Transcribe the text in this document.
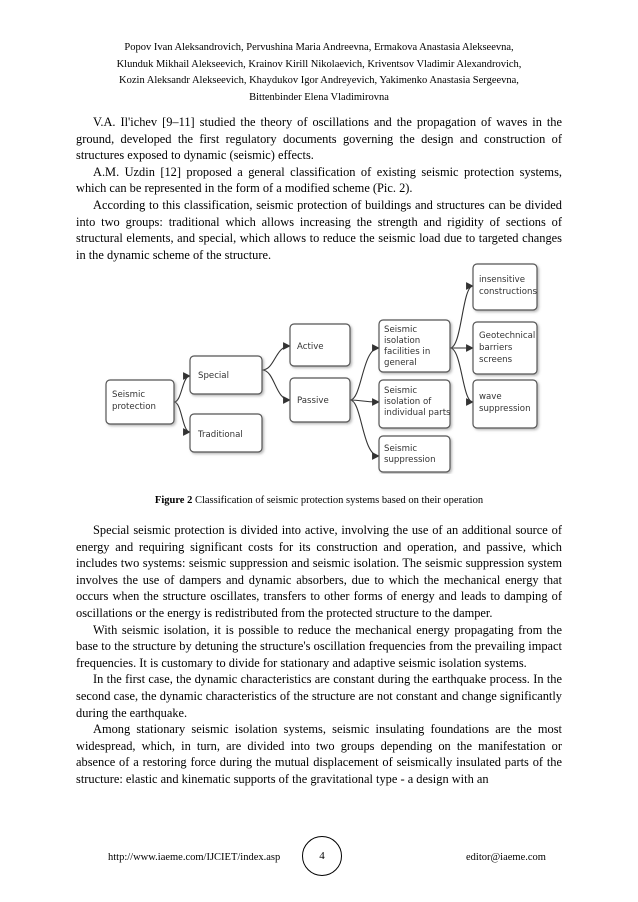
Popov Ivan Aleksandrovich, Pervushina Maria Andreevna, Ermakova Anastasia Alekseevna,
Klunduk Mikhail Alekseevich, Krainov Kirill Nikolaevich, Kriventsov Vladimir Alexandrovich,
Kozin Aleksandr Alekseevich, Khaydukov Igor Andreyevich, Yakimenko Anastasia Sergeevna,
Bittenbinder Elena Vladimirovna

V.A. Il'ichev [9–11] studied the theory of oscillations and the propagation of waves in the ground, developed the first regulatory documents governing the design and construction of structures exposed to dynamic (seismic) effects.

A.M. Uzdin [12] proposed a general classification of existing seismic protection systems, which can be represented in the form of a modified scheme (Pic. 2).

According to this classification, seismic protection of buildings and structures can be divided into two groups: traditional which allows increasing the strength and rigidity of sections of structural elements, and special, which allows to reduce the seismic load due to targeted changes in the dynamic scheme of the structure.

Seismic protection
Special
Traditional
Active
Passive
Seismic isolation facilities in general
Seismic isolation of individual parts
Seismic suppression
insensitive constructions
Geotechnical barriers screens
wave suppression
Figure 2 Classification of seismic protection systems based on their operation

Special seismic protection is divided into active, involving the use of an additional source of energy and requiring significant costs for its construction and operation, and passive, which includes two systems: seismic suppression and seismic isolation. The seismic suppression system involves the use of dampers and dynamic absorbers, due to which the mechanical energy that occurs when the structure oscillates, transfers to other forms of energy and leads to damping of oscillations or the energy is redistributed from the protected structure to the damper.

With seismic isolation, it is possible to reduce the mechanical energy propagating from the base to the structure by detuning the structure's oscillation frequencies from the prevailing impact frequencies. It is customary to divide for stationary and adaptive seismic isolation systems.

In the first case, the dynamic characteristics are constant during the earthquake process. In the second case, the dynamic characteristics of the structure are not constant and change significantly during the earthquake.

Among stationary seismic isolation systems, seismic insulating foundations are the most widespread, which, in turn, are divided into two groups depending on the manifestation or absence of a restoring force during the mutual displacement of seismically insulated parts of the structure: elastic and kinematic supports of the gravitational type - a design with an

http://www.iaeme.com/IJCIET/index.asp	4	editor@iaeme.com
